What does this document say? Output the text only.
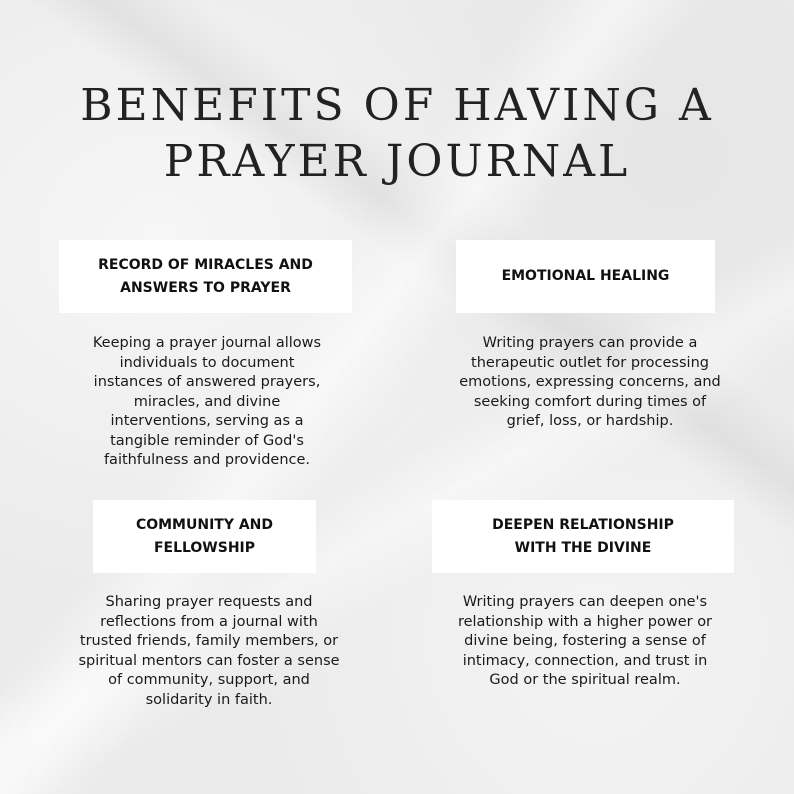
BENEFITS OF HAVING A
PRAYER JOURNAL
RECORD OF MIRACLES AND
ANSWERS TO PRAYER
Keeping a prayer journal allows
individuals to document
instances of answered prayers,
miracles, and divine
interventions, serving as a
tangible reminder of God's
faithfulness and providence.
EMOTIONAL HEALING
Writing prayers can provide a
therapeutic outlet for processing
emotions, expressing concerns, and
seeking comfort during times of
grief, loss, or hardship.
COMMUNITY AND
FELLOWSHIP
Sharing prayer requests and
reflections from a journal with
trusted friends, family members, or
spiritual mentors can foster a sense
of community, support, and
solidarity in faith.
DEEPEN RELATIONSHIP
WITH THE DIVINE
Writing prayers can deepen one's
relationship with a higher power or
divine being, fostering a sense of
intimacy, connection, and trust in
God or the spiritual realm.
